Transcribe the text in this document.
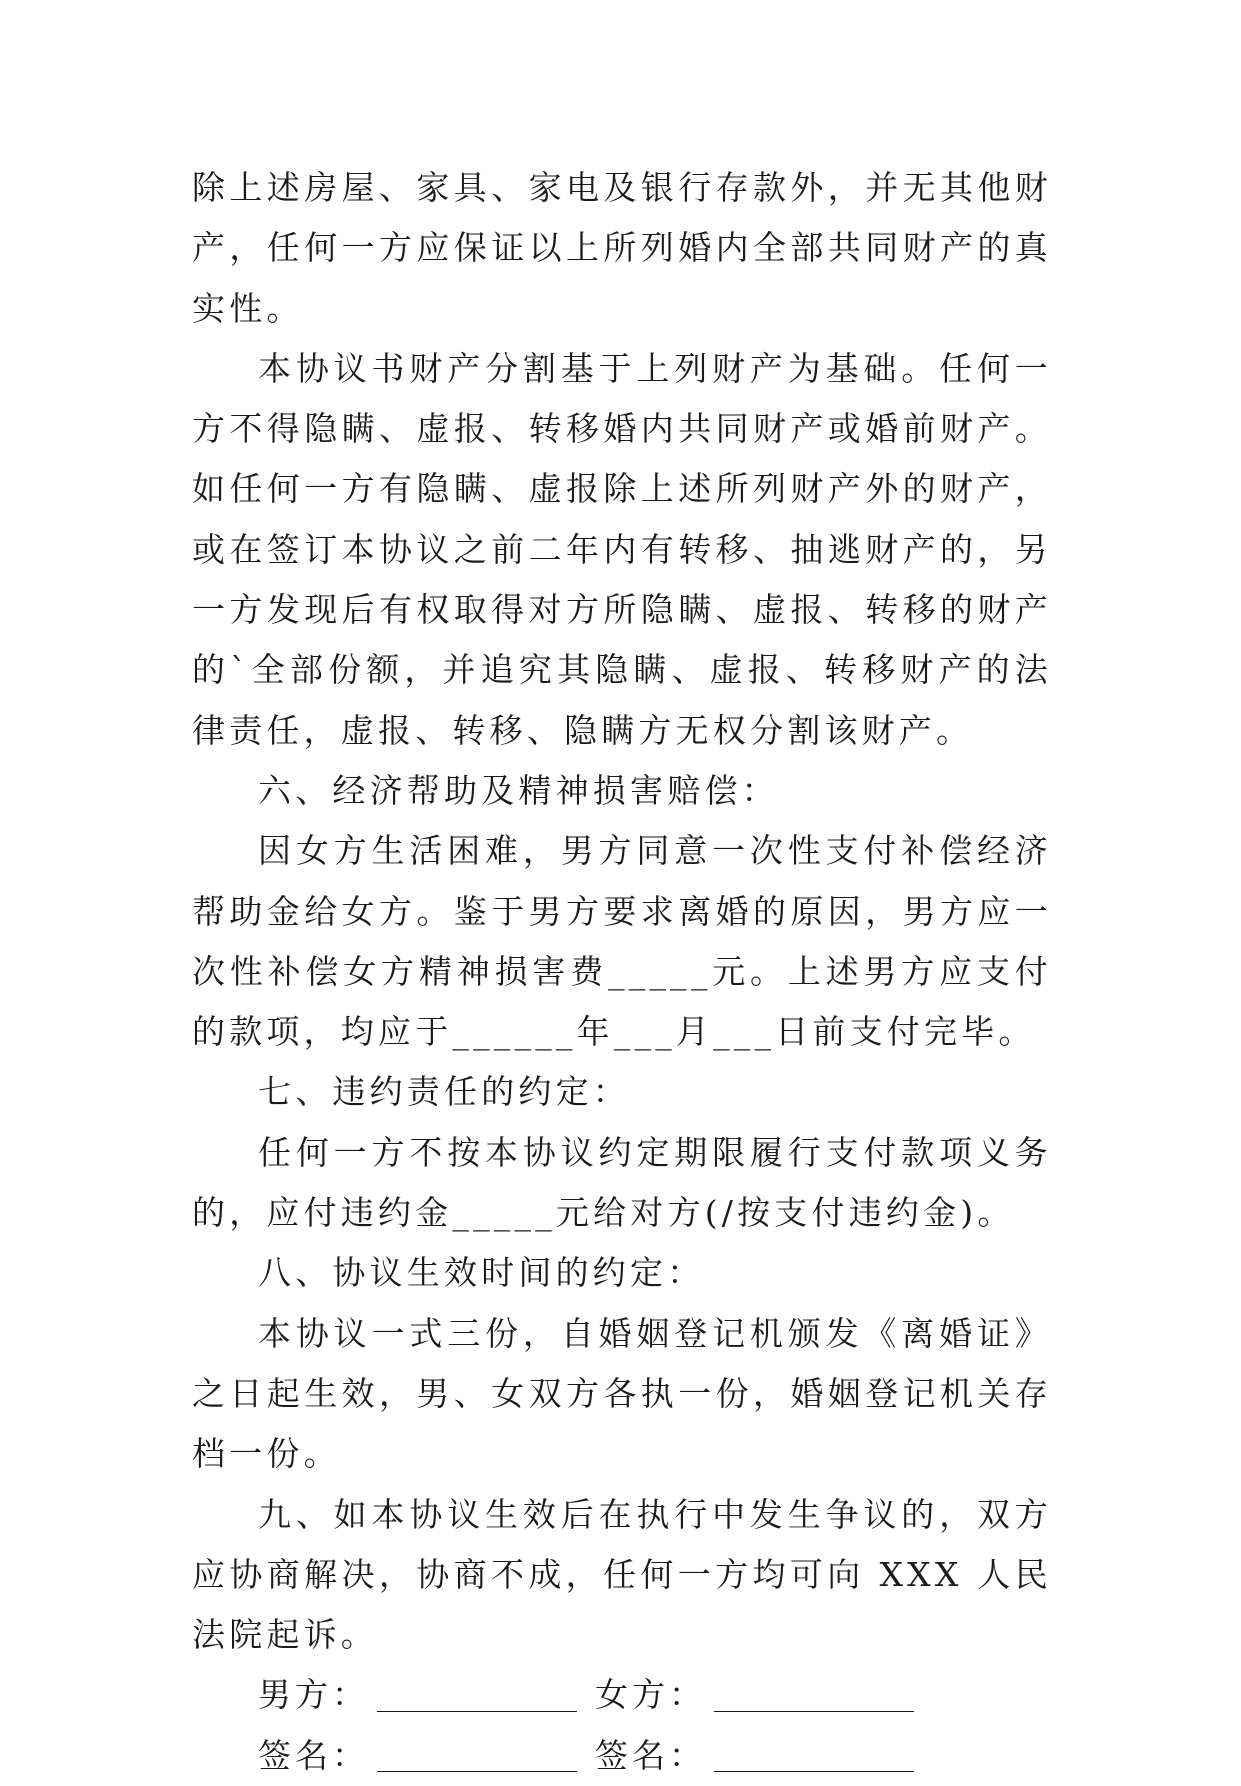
除上述房屋、家具、家电及银行存款外，并无其他财产，任何一方应保证以上所列婚内全部共同财产的真实性。

本协议书财产分割基于上列财产为基础。任何一方不得隐瞒、虚报、转移婚内共同财产或婚前财产。如任何一方有隐瞒、虚报除上述所列财产外的财产，或在签订本协议之前二年内有转移、抽逃财产的，另一方发现后有权取得对方所隐瞒、虚报、转移的财产的`全部份额，并追究其隐瞒、虚报、转移财产的法律责任，虚报、转移、隐瞒方无权分割该财产。

六、经济帮助及精神损害赔偿：

因女方生活困难，男方同意一次性支付补偿经济帮助金给女方。鉴于男方要求离婚的原因，男方应一次性补偿女方精神损害费_____元。上述男方应支付的款项，均应于______年___月___日前支付完毕。

七、违约责任的约定：

任何一方不按本协议约定期限履行支付款项义务的，应付违约金_____元给对方(/按支付违约金)。

八、协议生效时间的约定：

本协议一式三份，自婚姻登记机颁发《离婚证》之日起生效，男、女双方各执一份，婚姻登记机关存档一份。

九、如本协议生效后在执行中发生争议的，双方应协商解决，协商不成，任何一方均可向 XXX 人民法院起诉。

男方：	女方：
签名：	签名：
